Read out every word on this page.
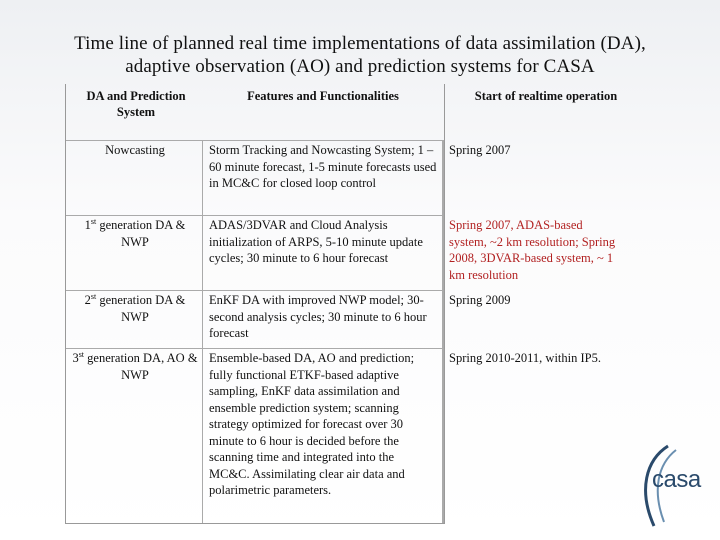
Time line of planned real time implementations of data assimilation (DA),
adaptive observation (AO) and prediction systems for CASA
DA and Prediction System
Features and Functionalities	Start of realtime operation
Nowcasting	Storm Tracking and Nowcasting System; 1 – 60 minute forecast, 1-5 minute forecasts used in MC&C for closed loop control
1st generation DA & NWP
ADAS/3DVAR and Cloud Analysis initialization of ARPS, 5-10 minute update cycles; 30 minute to 6 hour forecast
2st generation DA & NWP
EnKF DA with improved NWP model; 30-second analysis cycles; 30 minute to 6 hour forecast
3st generation DA, AO & NWP
Ensemble-based DA, AO and prediction; fully functional ETKF-based adaptive sampling, EnKF data assimilation and ensemble prediction system; scanning strategy optimized for forecast over 30 minute to 6 hour is decided before the scanning time and integrated into the MC&C. Assimilating clear air data and polarimetric parameters.
Spring 2007
Spring 2007, ADAS-based system, ~2 km resolution; Spring 2008, 3DVAR-based system, ~ 1 km resolution
Spring 2009
Spring 2010-2011, within IP5.
casa
